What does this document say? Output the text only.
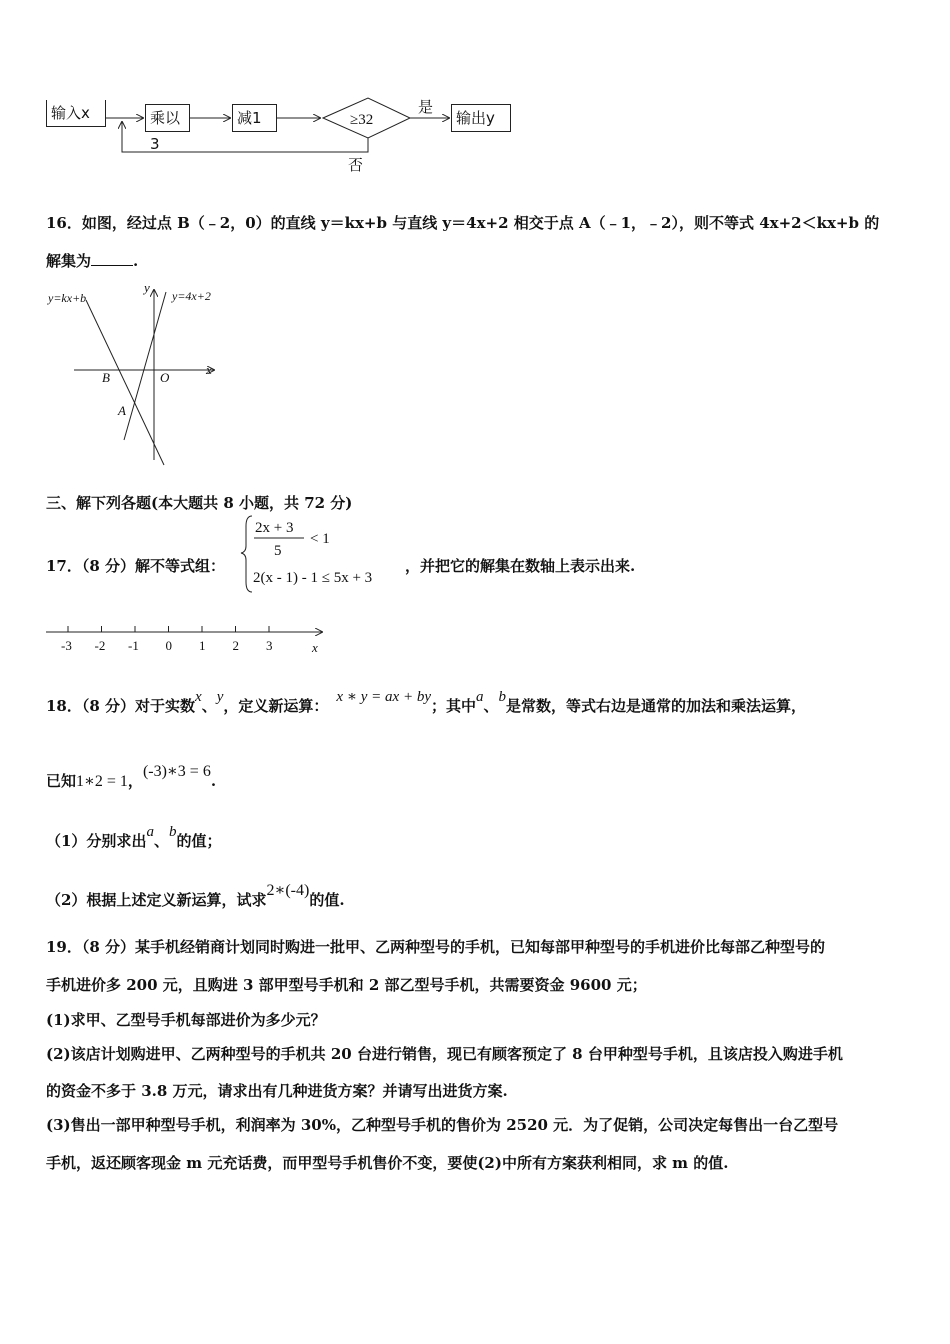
输入x	乘以3
减1	输出y
≥32
是
否
16．如图，经过点 B（﹣2，0）的直线 y＝kx+b 与直线 y＝4x+2 相交于点 A（﹣1，﹣2），则不等式 4x+2＜kx+b 的
解集为	.
y=kx+b	y=4x+2
y
x
O
B
A
三、解下列各题(本大题共 8 小题，共 72 分)
17．（8 分）解不等式组：
2x + 3
5
< 1
2(x - 1) - 1 ≤ 5x + 3
，并把它的解集在数轴上表示出来.
-3 -2 -1 0 1 2 3	x
18．（8 分）对于实数x、y，定义新运算： x ∗ y = ax + by；其中a、b是常数，等式右边是通常的加法和乘法运算，
已知1∗2 = 1，(-3)∗3 = 6.
（1）分别求出a、b的值；
（2）根据上述定义新运算，试求2∗(-4)的值.
19．（8 分）某手机经销商计划同时购进一批甲、乙两种型号的手机，已知每部甲种型号的手机进价比每部乙种型号的
手机进价多 200 元，且购进 3 部甲型号手机和 2 部乙型号手机，共需要资金 9600 元；
(1)求甲、乙型号手机每部进价为多少元？
(2)该店计划购进甲、乙两种型号的手机共 20 台进行销售，现已有顾客预定了 8 台甲种型号手机，且该店投入购进手机
的资金不多于 3.8 万元，请求出有几种进货方案？并请写出进货方案.
(3)售出一部甲种型号手机，利润率为 30%，乙种型号手机的售价为 2520 元．为了促销，公司决定每售出一台乙型号
手机，返还顾客现金 m 元充话费，而甲型号手机售价不变，要使(2)中所有方案获利相同，求 m 的值.
